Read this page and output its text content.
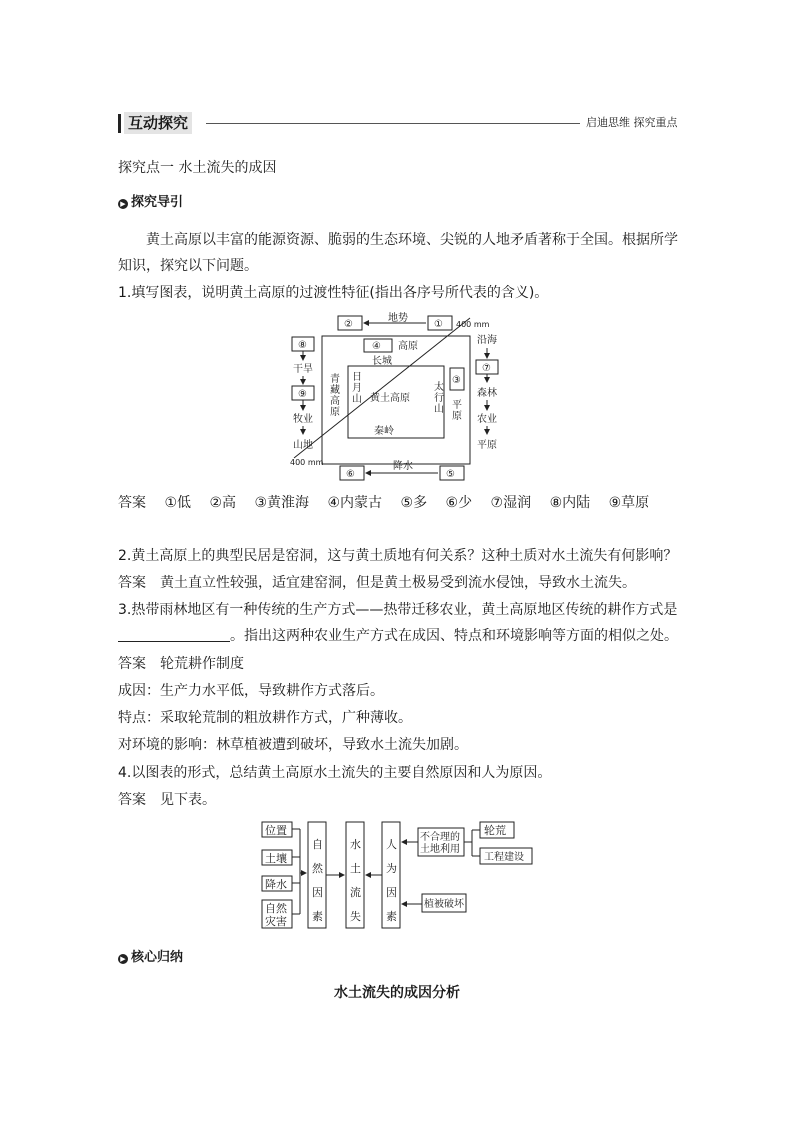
互动探究	启迪思维 探究重点
探究点一 水土流失的成因
▶ 探究导引
黄土高原以丰富的能源资源、脆弱的生态环境、尖锐的人地矛盾著称于全国。根据所学
知识，探究以下问题。
1.填写图表，说明黄土高原的过渡性特征(指出各序号所代表的含义)。
地势
②	① 400 mm
④ 高原
长城
秦岭
黄土高原
青
藏
高
原
日
月
山
太
行
山
③
平
原
沿海
⑦
森林
农业
平原
⑧
干旱
⑨
牧业
山地
400 mm	降水
⑥	⑤
答案 ①低 ②高 ③黄淮海 ④内蒙古 ⑤多 ⑥少 ⑦湿润 ⑧内陆 ⑨草原
2.黄土高原上的典型民居是窑洞，这与黄土质地有何关系？这种土质对水土流失有何影响？
答案 黄土直立性较强，适宜建窑洞，但是黄土极易受到流水侵蚀，导致水土流失。
3.热带雨林地区有一种传统的生产方式——热带迁移农业，黄土高原地区传统的耕作方式是
。指出这两种农业生产方式在成因、特点和环境影响等方面的相似之处。
答案 轮荒耕作制度
成因：生产力水平低，导致耕作方式落后。
特点：采取轮荒制的粗放耕作方式，广种薄收。
对环境的影响：林草植被遭到破坏，导致水土流失加剧。
4.以图表的形式，总结黄土高原水土流失的主要自然原因和人为原因。
答案 见下表。
位置
土壤
降水
自然
灾害
自
然
因
素
水
土
流
失
人
为
因
素
不合理的
土地利用
轮荒
工程建设
植被破坏
▶ 核心归纳
水土流失的成因分析
